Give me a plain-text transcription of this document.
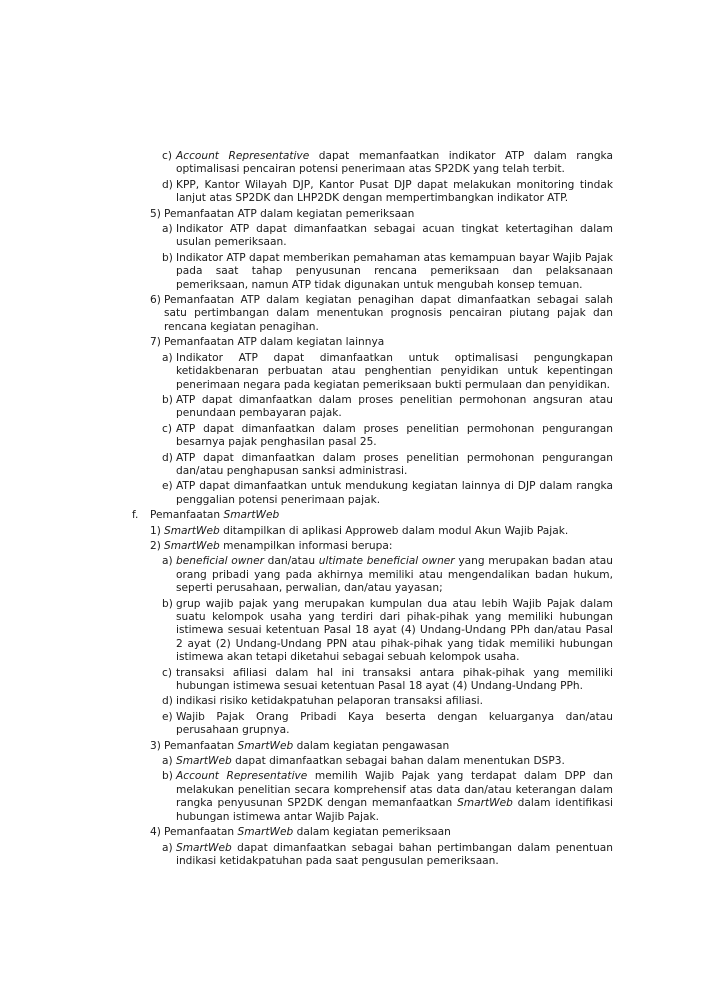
c) Account Representative dapat memanfaatkan indikator ATP dalam rangka optimalisasi pencairan potensi penerimaan atas SP2DK yang telah terbit.
d) KPP, Kantor Wilayah DJP, Kantor Pusat DJP dapat melakukan monitoring tindak lanjut atas SP2DK dan LHP2DK dengan mempertimbangkan indikator ATP.
5) Pemanfaatan ATP dalam kegiatan pemeriksaan
a) Indikator ATP dapat dimanfaatkan sebagai acuan tingkat ketertagihan dalam usulan pemeriksaan.
b) Indikator ATP dapat memberikan pemahaman atas kemampuan bayar Wajib Pajak pada saat tahap penyusunan rencana pemeriksaan dan pelaksanaan pemeriksaan, namun ATP tidak digunakan untuk mengubah konsep temuan.
6) Pemanfaatan ATP dalam kegiatan penagihan dapat dimanfaatkan sebagai salah satu pertimbangan dalam menentukan prognosis pencairan piutang pajak dan rencana kegiatan penagihan.
7) Pemanfaatan ATP dalam kegiatan lainnya
a) Indikator ATP dapat dimanfaatkan untuk optimalisasi pengungkapan ketidakbenaran perbuatan atau penghentian penyidikan untuk kepentingan penerimaan negara pada kegiatan pemeriksaan bukti permulaan dan penyidikan.
b) ATP dapat dimanfaatkan dalam proses penelitian permohonan angsuran atau penundaan pembayaran pajak.
c) ATP dapat dimanfaatkan dalam proses penelitian permohonan pengurangan besarnya pajak penghasilan pasal 25.
d) ATP dapat dimanfaatkan dalam proses penelitian permohonan pengurangan dan/atau penghapusan sanksi administrasi.
e) ATP dapat dimanfaatkan untuk mendukung kegiatan lainnya di DJP dalam rangka penggalian potensi penerimaan pajak.
f. Pemanfaatan SmartWeb
1) SmartWeb ditampilkan di aplikasi Approweb dalam modul Akun Wajib Pajak.
2) SmartWeb menampilkan informasi berupa:
a) beneficial owner dan/atau ultimate beneficial owner yang merupakan badan atau orang pribadi yang pada akhirnya memiliki atau mengendalikan badan hukum, seperti perusahaan, perwalian, dan/atau yayasan;
b) grup wajib pajak yang merupakan kumpulan dua atau lebih Wajib Pajak dalam suatu kelompok usaha yang terdiri dari pihak-pihak yang memiliki hubungan istimewa sesuai ketentuan Pasal 18 ayat (4) Undang-Undang PPh dan/atau Pasal 2 ayat (2) Undang-Undang PPN atau pihak-pihak yang tidak memiliki hubungan istimewa akan tetapi diketahui sebagai sebuah kelompok usaha.
c) transaksi afiliasi dalam hal ini transaksi antara pihak-pihak yang memiliki hubungan istimewa sesuai ketentuan Pasal 18 ayat (4) Undang-Undang PPh.
d) indikasi risiko ketidakpatuhan pelaporan transaksi afiliasi.
e) Wajib Pajak Orang Pribadi Kaya beserta dengan keluarganya dan/atau perusahaan grupnya.
3) Pemanfaatan SmartWeb dalam kegiatan pengawasan
a) SmartWeb dapat dimanfaatkan sebagai bahan dalam menentukan DSP3.
b) Account Representative memilih Wajib Pajak yang terdapat dalam DPP dan melakukan penelitian secara komprehensif atas data dan/atau keterangan dalam rangka penyusunan SP2DK dengan memanfaatkan SmartWeb dalam identifikasi hubungan istimewa antar Wajib Pajak.
4) Pemanfaatan SmartWeb dalam kegiatan pemeriksaan
a) SmartWeb dapat dimanfaatkan sebagai bahan pertimbangan dalam penentuan indikasi ketidakpatuhan pada saat pengusulan pemeriksaan.
